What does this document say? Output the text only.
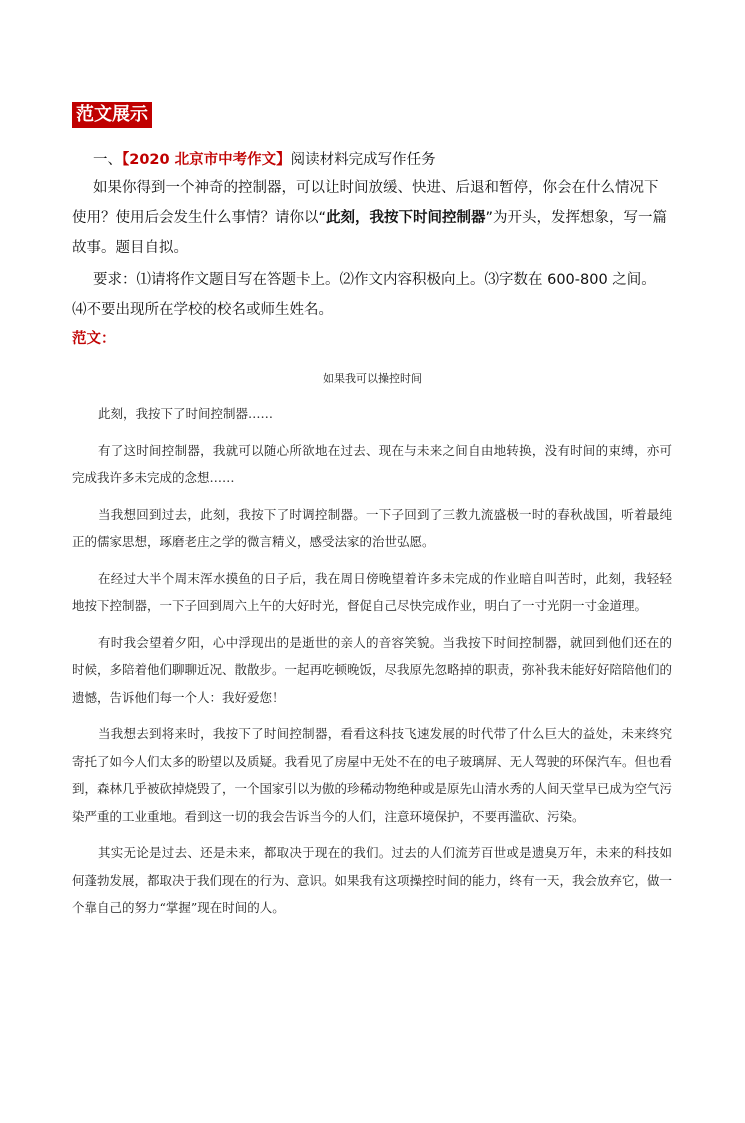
范文展示
一、【2020 北京市中考作文】阅读材料完成写作任务
如果你得到一个神奇的控制器，可以让时间放缓、快进、后退和暂停，你会在什么情况下使用？使用后会发生什么事情？请你以“此刻，我按下时间控制器”为开头，发挥想象，写一篇故事。题目自拟。
要求：⑴请将作文题目写在答题卡上。⑵作文内容积极向上。⑶字数在 600-800 之间。⑷不要出现所在学校的校名或师生姓名。
范文：
如果我可以操控时间

此刻，我按下了时间控制器……

有了这时间控制器，我就可以随心所欲地在过去、现在与未来之间自由地转换，没有时间的束缚，亦可完成我许多未完成的念想……

当我想回到过去，此刻，我按下了时调控制器。一下子回到了三教九流盛极一时的春秋战国，听着最纯正的儒家思想，琢磨老庄之学的微言精义，感受法家的治世弘愿。

在经过大半个周末浑水摸鱼的日子后，我在周日傍晚望着许多未完成的作业暗自叫苦时，此刻，我轻轻地按下控制器，一下子回到周六上午的大好时光，督促自己尽快完成作业，明白了一寸光阴一寸金道理。

有时我会望着夕阳，心中浮现出的是逝世的亲人的音容笑貌。当我按下时间控制器，就回到他们还在的时候，多陪着他们聊聊近况、散散步。一起再吃顿晚饭，尽我原先忽略掉的职责，弥补我未能好好陪陪他们的遗憾，告诉他们每一个人：我好爱您！

当我想去到将来时，我按下了时间控制器，看看这科技飞速发展的时代带了什么巨大的益处，未来终究寄托了如今人们太多的盼望以及质疑。我看见了房屋中无处不在的电子玻璃屏、无人驾驶的环保汽车。但也看到，森林几乎被砍掉烧毁了，一个国家引以为傲的珍稀动物绝种或是原先山清水秀的人间天堂早已成为空气污染严重的工业重地。看到这一切的我会告诉当今的人们，注意环境保护，不要再滥砍、污染。

其实无论是过去、还是未来，都取决于现在的我们。过去的人们流芳百世或是遗臭万年，未来的科技如何蓬勃发展，都取决于我们现在的行为、意识。如果我有这项操控时间的能力，终有一天，我会放弃它，做一个靠自己的努力“掌握”现在时间的人。
